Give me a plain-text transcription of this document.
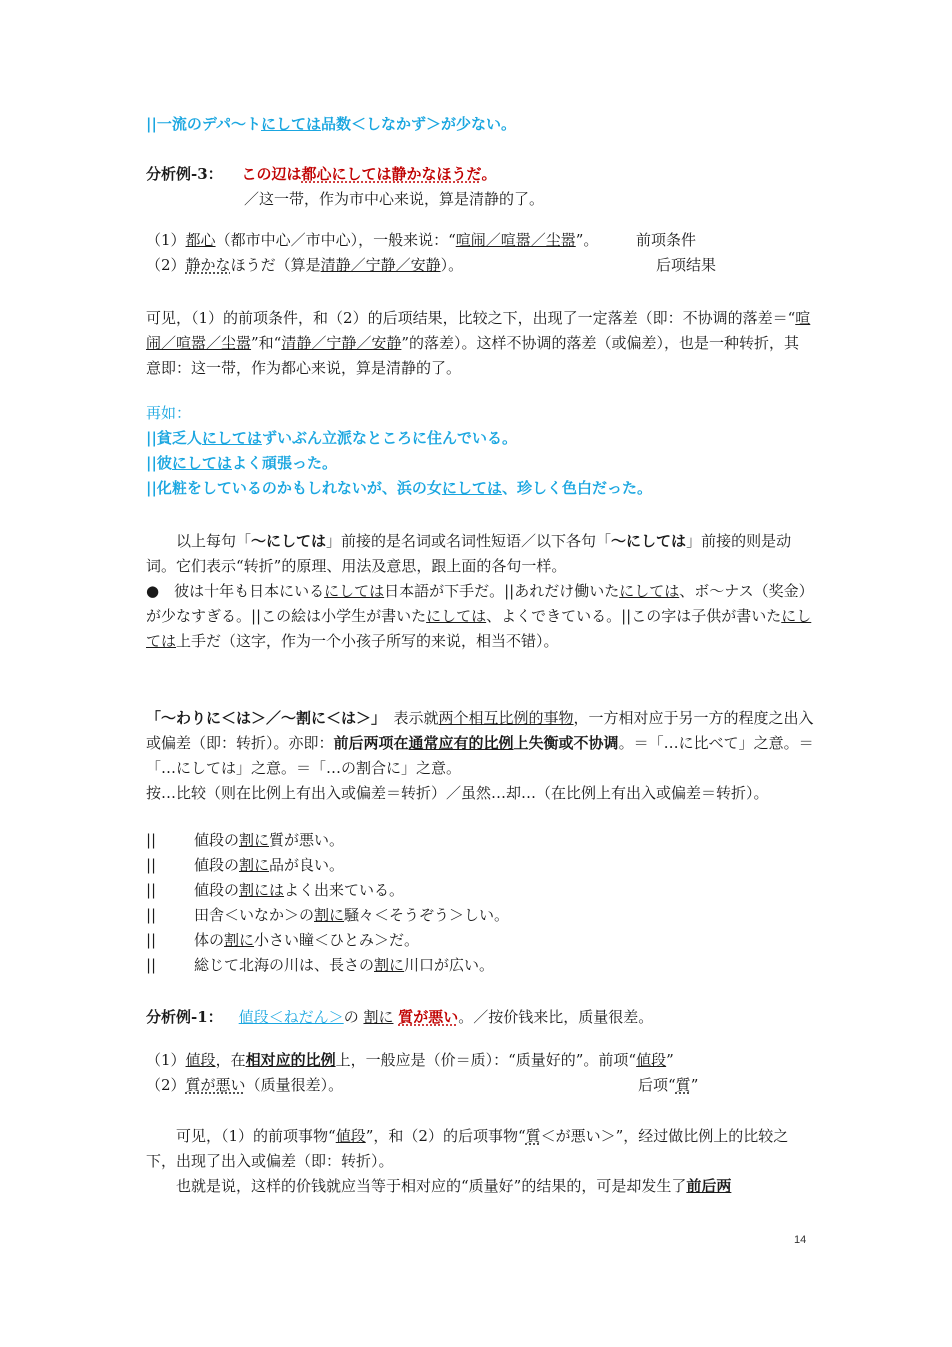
||一流のデパ〜トにしては品数＜しなかず＞が少ない。

分析例-3： この辺は都心にしては静かなほうだ。

／这一带，作为市中心来说，算是清静的了。

（1）都心（都市中心／市中心），一般来说：“喧闹／喧嚣／尘嚣”。	前项条件

（2）静かなほうだ（算是清静／宁静／安静）。	后项结果

可见，（1）的前项条件，和（2）的后项结果，比较之下，出现了一定落差（即：不协调的落差＝“喧闹／喧嚣／尘嚣”和“清静／宁静／安静”的落差）。这样不协调的落差（或偏差），也是一种转折，其意即：这一带，作为都心来说，算是清静的了。

再如：

||貧乏人にしてはずいぶん立派なところに住んでいる。

||彼にしてはよく頑張った。

||化粧をしているのかもしれないが、浜の女にしては、珍しく色白だった。

以上每句「〜にしては」前接的是名词或名词性短语／以下各句「〜にしては」前接的则是动词。它们表示“转折”的原理、用法及意思，跟上面的各句一样。

●　彼は十年も日本にいるにしては日本語が下手だ。||あれだけ働いたにしては、ボ〜ナス（奖金）が少なすぎる。||この絵は小学生が書いたにしては、よくできている。||この字は子供が書いたにしては上手だ（这字，作为一个小孩子所写的来说，相当不错）。

「〜わりに＜は＞／〜割に＜は＞」　表示就两个相互比例的事物，一方相对应于另一方的程度之出入或偏差（即：转折）。亦即：前后两项在通常应有的比例上失衡或不协调。＝「…に比べて」之意。＝「…にしては」之意。＝「…の割合に」之意。

按…比较（则在比例上有出入或偏差＝转折）／虽然…却…（在比例上有出入或偏差＝转折）。

||	値段の割に質が悪い。

||	値段の割に品が良い。

||	値段の割にはよく出来ている。

||	田舎＜いなか＞の割に騒々＜そうぞう＞しい。

||	体の割に小さい瞳＜ひとみ＞だ。

||	総じて北海の川は、長さの割に川口が広い。

分析例-1： 値段＜ねだん＞の 割に 質が悪い。／按价钱来比，质量很差。

（1）値段，在相对应的比例上，一般应是（价＝质）：“质量好的”。前项“値段”

（2）質が悪い（质量很差）。	后项“質”

可见，（1）的前项事物“値段”，和（2）的后项事物“質＜が悪い＞”，经过做比例上的比较之下，出现了出入或偏差（即：转折）。

也就是说，这样的价钱就应当等于相对应的“质量好”的结果的，可是却发生了前后两

14
